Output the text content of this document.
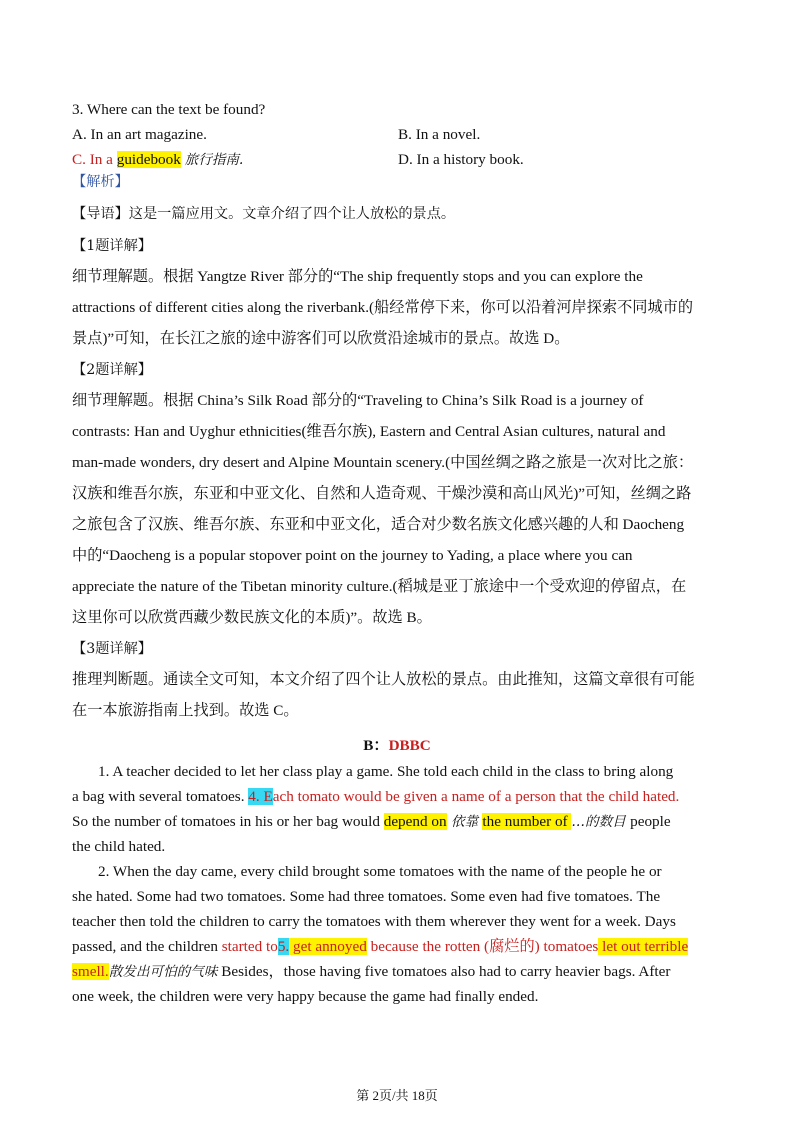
3. Where can the text be found?
A. In an art magazine.	B. In a novel.
C. In a guidebook 旅行指南.	D. In a history book.
【解析】
【导语】这是一篇应用文。文章介绍了四个让人放松的景点。
【1题详解】
细节理解题。根据 Yangtze River 部分的“The ship frequently stops and you can explore the
attractions of different cities along the riverbank.(船经常停下来，你可以沿着河岸探索不同城市的
景点)”可知，在长江之旅的途中游客们可以欣赏沿途城市的景点。故选 D。
【2题详解】
细节理解题。根据 China’s Silk Road 部分的“Traveling to China’s Silk Road is a journey of
contrasts: Han and Uyghur ethnicities(维吾尔族), Eastern and Central Asian cultures, natural and
man-made wonders, dry desert and Alpine Mountain scenery.(中国丝绸之路之旅是一次对比之旅：
汉族和维吾尔族，东亚和中亚文化、自然和人造奇观、干燥沙漠和高山风光)”可知，丝绸之路
之旅包含了汉族、维吾尔族、东亚和中亚文化，适合对少数名族文化感兴趣的人和 Daocheng
中的“Daocheng is a popular stopover point on the journey to Yading, a place where you can
appreciate the nature of the Tibetan minority culture.(稻城是亚丁旅途中一个受欢迎的停留点，在
这里你可以欣赏西藏少数民族文化的本质)”。故选 B。
【3题详解】
推理判断题。通读全文可知，本文介绍了四个让人放松的景点。由此推知，这篇文章很有可能
在一本旅游指南上找到。故选 C。
B：DBBC
1. A teacher decided to let her class play a game. She told each child in the class to bring along
a bag with several tomatoes. 4. Each tomato would be given a name of a person that the child hated.
So the number of tomatoes in his or her bag would depend on 依靠 the number of …的数目 people
the child hated.
2. When the day came, every child brought some tomatoes with the name of the people he or
she hated. Some had two tomatoes. Some had three tomatoes. Some even had five tomatoes. The
teacher then told the children to carry the tomatoes with them wherever they went for a week. Days
passed, and the children started to5. get annoyed because the rotten (腐烂的) tomatoes let out terrible
smell.散发出可怕的气味 Besides，those having five tomatoes also had to carry heavier bags. After
one week, the children were very happy because the game had finally ended.
第 2页/共 18页
